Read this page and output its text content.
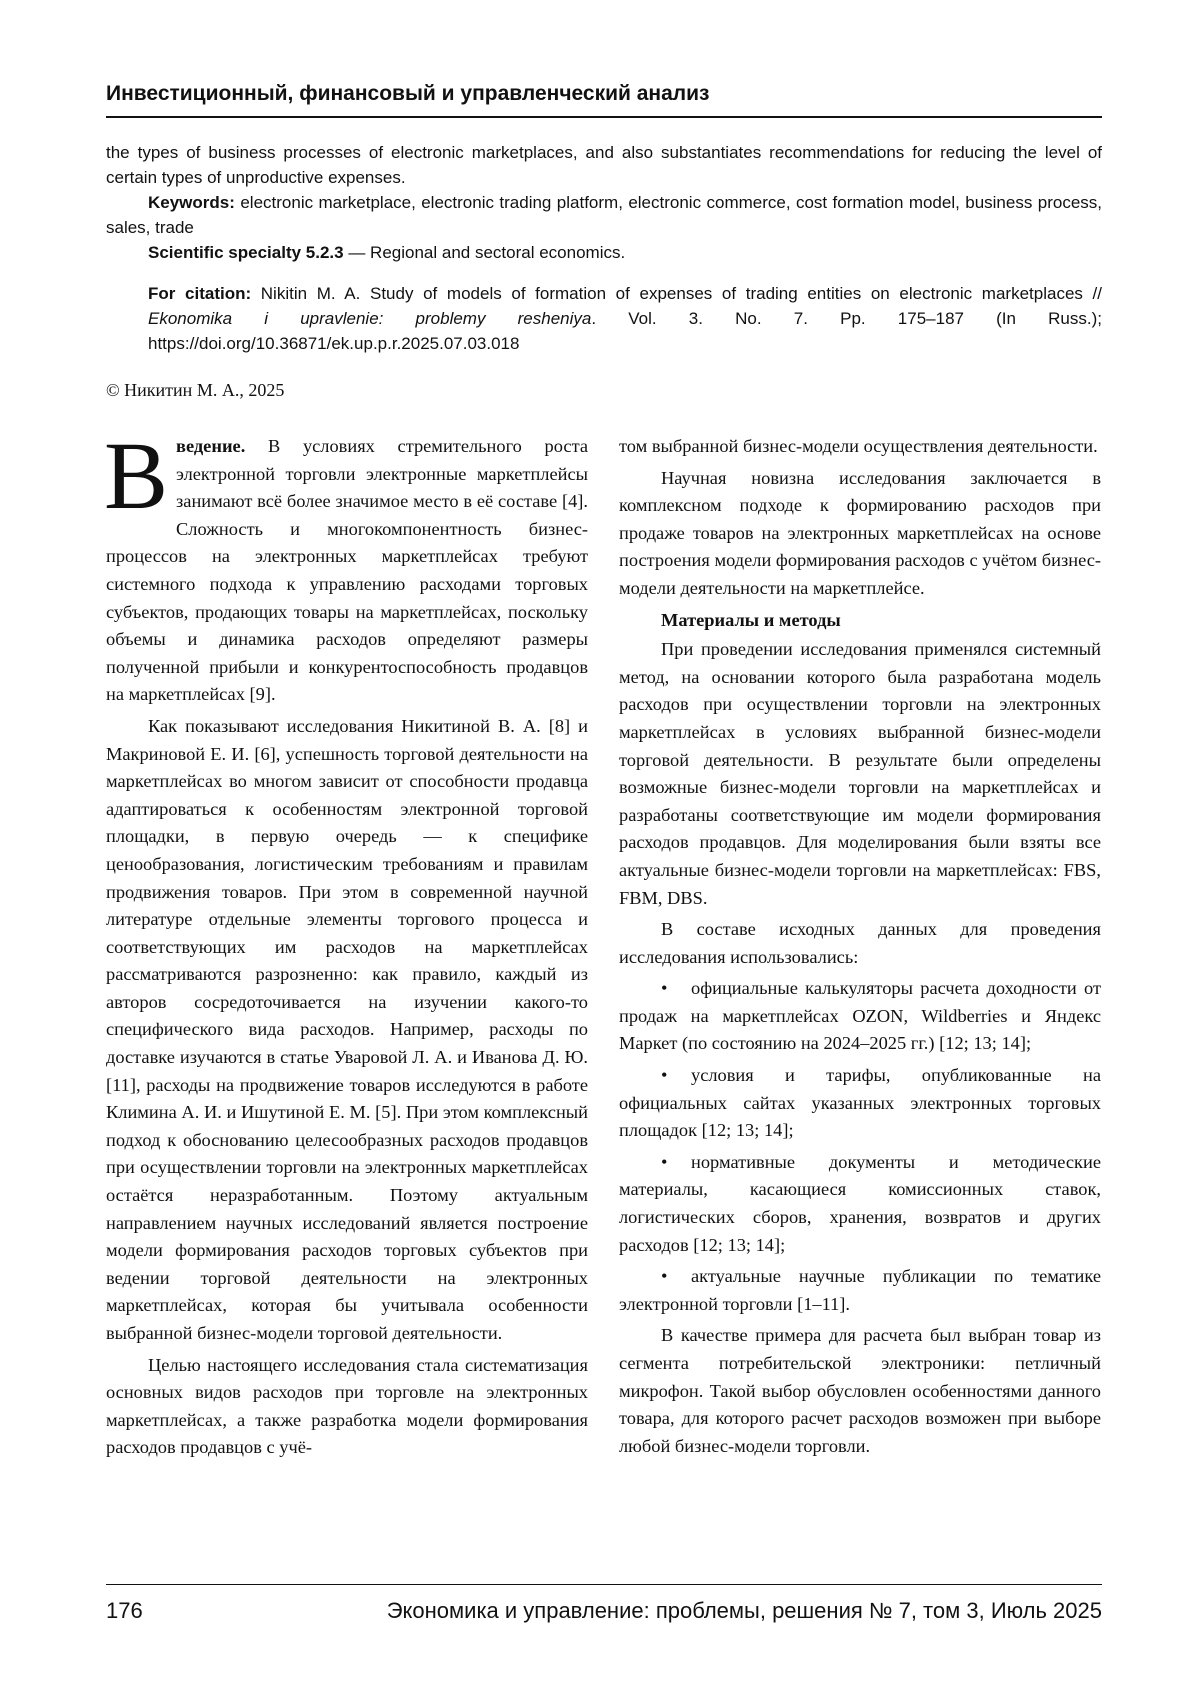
Инвестиционный, финансовый и управленческий анализ

the types of business processes of electronic marketplaces, and also substantiates recommendations for reducing the level of certain types of unproductive expenses.

Keywords: electronic marketplace, electronic trading platform, electronic commerce, cost formation model, business process, sales, trade

Scientific specialty 5.2.3 — Regional and sectoral economics.

For citation: Nikitin M. A. Study of models of formation of expenses of trading entities on electronic marketplaces // Ekonomika i upravlenie: problemy resheniya. Vol. 3. No. 7. Pp. 175–187 (In Russ.); https://doi.org/10.36871/ek.up.p.r.2025.07.03.018

© Никитин М. А., 2025

Введение. В условиях стремительного роста электронной торговли электронные маркетплейсы занимают всё более значимое место в её составе [4]. Сложность и многокомпонентность бизнес-процессов на электронных маркетплейсах требуют системного подхода к управлению расходами торговых субъектов, продающих товары на маркетплейсах, поскольку объемы и динамика расходов определяют размеры полученной прибыли и конкурентоспособность продавцов на маркетплейсах [9].

Как показывают исследования Никитиной В. А. [8] и Макриновой Е. И. [6], успешность торговой деятельности на маркетплейсах во многом зависит от способности продавца адаптироваться к особенностям электронной торговой площадки, в первую очередь — к специфике ценообразования, логистическим требованиям и правилам продвижения товаров. При этом в современной научной литературе отдельные элементы торгового процесса и соответствующих им расходов на маркетплейсах рассматриваются разрозненно: как правило, каждый из авторов сосредоточивается на изучении какого-то специфического вида расходов. Например, расходы по доставке изучаются в статье Уваровой Л. А. и Иванова Д. Ю. [11], расходы на продвижение товаров исследуются в работе Климина А. И. и Ишутиной Е. М. [5]. При этом комплексный подход к обоснованию целесообразных расходов продавцов при осуществлении торговли на электронных маркетплейсах остаётся неразработанным. Поэтому актуальным направлением научных исследований является построение модели формирования расходов торговых субъектов при ведении торговой деятельности на электронных маркетплейсах, которая бы учитывала особенности выбранной бизнес-модели торговой деятельности.

Целью настоящего исследования стала систематизация основных видов расходов при торговле на электронных маркетплейсах, а также разработка модели формирования расходов продавцов с учё-

том выбранной бизнес-модели осуществления деятельности.

Научная новизна исследования заключается в комплексном подходе к формированию расходов при продаже товаров на электронных маркетплейсах на основе построения модели формирования расходов с учётом бизнес-модели деятельности на маркетплейсе.

Материалы и методы

При проведении исследования применялся системный метод, на основании которого была разработана модель расходов при осуществлении торговли на электронных маркетплейсах в условиях выбранной бизнес-модели торговой деятельности. В результате были определены возможные бизнес-модели торговли на маркетплейсах и разработаны соответствующие им модели формирования расходов продавцов. Для моделирования были взяты все актуальные бизнес-модели торговли на маркетплейсах: FBS, FBM, DBS.

В составе исходных данных для проведения исследования использовались:

• официальные калькуляторы расчета доходности от продаж на маркетплейсах OZON, Wildberries и Яндекс Маркет (по состоянию на 2024–2025 гг.) [12; 13; 14];

• условия и тарифы, опубликованные на официальных сайтах указанных электронных торговых площадок [12; 13; 14];

• нормативные документы и методические материалы, касающиеся комиссионных ставок, логистических сборов, хранения, возвратов и других расходов [12; 13; 14];

• актуальные научные публикации по тематике электронной торговли [1–11].

В качестве примера для расчета был выбран товар из сегмента потребительской электроники: петличный микрофон. Такой выбор обусловлен особенностями данного товара, для которого расчет расходов возможен при выборе любой бизнес-модели торговли.

176	Экономика и управление: проблемы, решения № 7, том 3, Июль 2025
